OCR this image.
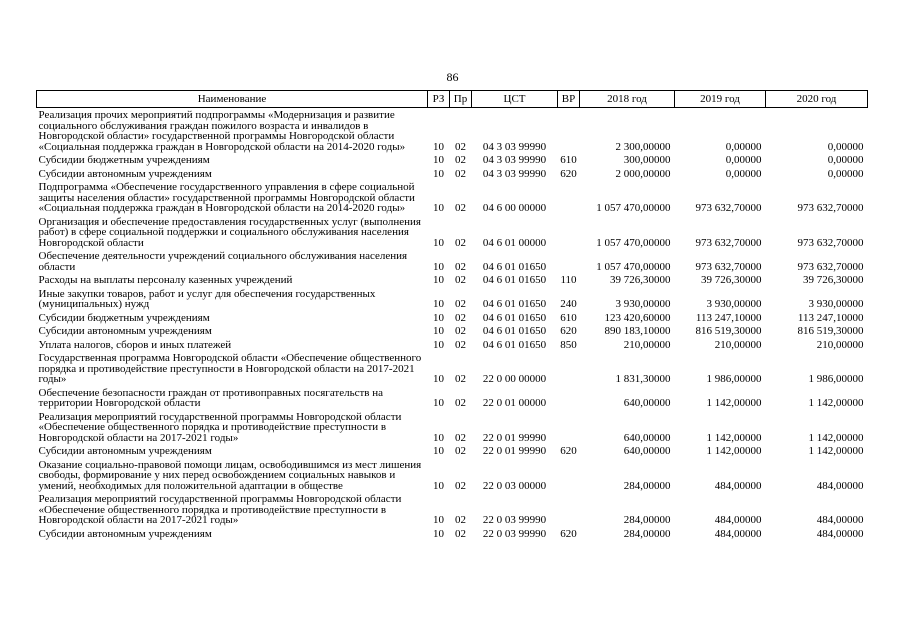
86
Наименование	РЗ	Пр	ЦСТ	ВР	2018 год	2019 год	2020 год
Реализация прочих мероприятий подпрограммы «Модернизация и развитие социального обслуживания граждан пожилого возраста и инвалидов в Новгородской области» государственной программы Новгородской области «Социальная поддержка граждан в Новгородской области на 2014-2020 годы»	10	02	04 3 03 99990		2 300,00000	0,00000	0,00000
Субсидии бюджетным учреждениям	10	02	04 3 03 99990	610	300,00000	0,00000	0,00000
Субсидии автономным учреждениям	10	02	04 3 03 99990	620	2 000,00000	0,00000	0,00000
Подпрограмма «Обеспечение государственного управления в сфере социальной защиты населения области» государственной программы Новгородской области «Социальная поддержка граждан в Новгородской области на 2014-2020 годы»	10	02	04 6 00 00000		1 057 470,00000	973 632,70000	973 632,70000
Организация и обеспечение предоставления государственных услуг (выполнения работ) в сфере социальной поддержки и социального обслуживания населения Новгородской области	10	02	04 6 01 00000		1 057 470,00000	973 632,70000	973 632,70000
Обеспечение деятельности учреждений социального обслуживания населения области	10	02	04 6 01 01650		1 057 470,00000	973 632,70000	973 632,70000
Расходы на выплаты персоналу казенных учреждений	10	02	04 6 01 01650	110	39 726,30000	39 726,30000	39 726,30000
Иные закупки товаров, работ и услуг для обеспечения государственных (муниципальных) нужд	10	02	04 6 01 01650	240	3 930,00000	3 930,00000	3 930,00000
Субсидии бюджетным учреждениям	10	02	04 6 01 01650	610	123 420,60000	113 247,10000	113 247,10000
Субсидии автономным учреждениям	10	02	04 6 01 01650	620	890 183,10000	816 519,30000	816 519,30000
Уплата налогов, сборов и иных платежей	10	02	04 6 01 01650	850	210,00000	210,00000	210,00000
Государственная программа Новгородской области «Обеспечение общественного порядка и противодействие преступности в Новгородской области на 2017-2021 годы»	10	02	22 0 00 00000		1 831,30000	1 986,00000	1 986,00000
Обеспечение безопасности граждан от противоправных посягательств на территории Новгородской области	10	02	22 0 01 00000		640,00000	1 142,00000	1 142,00000
Реализация мероприятий государственной программы Новгородской области «Обеспечение общественного порядка и противодействие преступности в Новгородской области на 2017-2021 годы»	10	02	22 0 01 99990		640,00000	1 142,00000	1 142,00000
Субсидии автономным учреждениям	10	02	22 0 01 99990	620	640,00000	1 142,00000	1 142,00000
Оказание социально-правовой помощи лицам, освободившимся из мест лишения свободы, формирование у них перед освобождением социальных навыков и умений, необходимых для положительной адаптации в обществе	10	02	22 0 03 00000		284,00000	484,00000	484,00000
Реализация мероприятий государственной программы Новгородской области «Обеспечение общественного порядка и противодействие преступности в Новгородской области на 2017-2021 годы»	10	02	22 0 03 99990		284,00000	484,00000	484,00000
Субсидии автономным учреждениям	10	02	22 0 03 99990	620	284,00000	484,00000	484,00000
